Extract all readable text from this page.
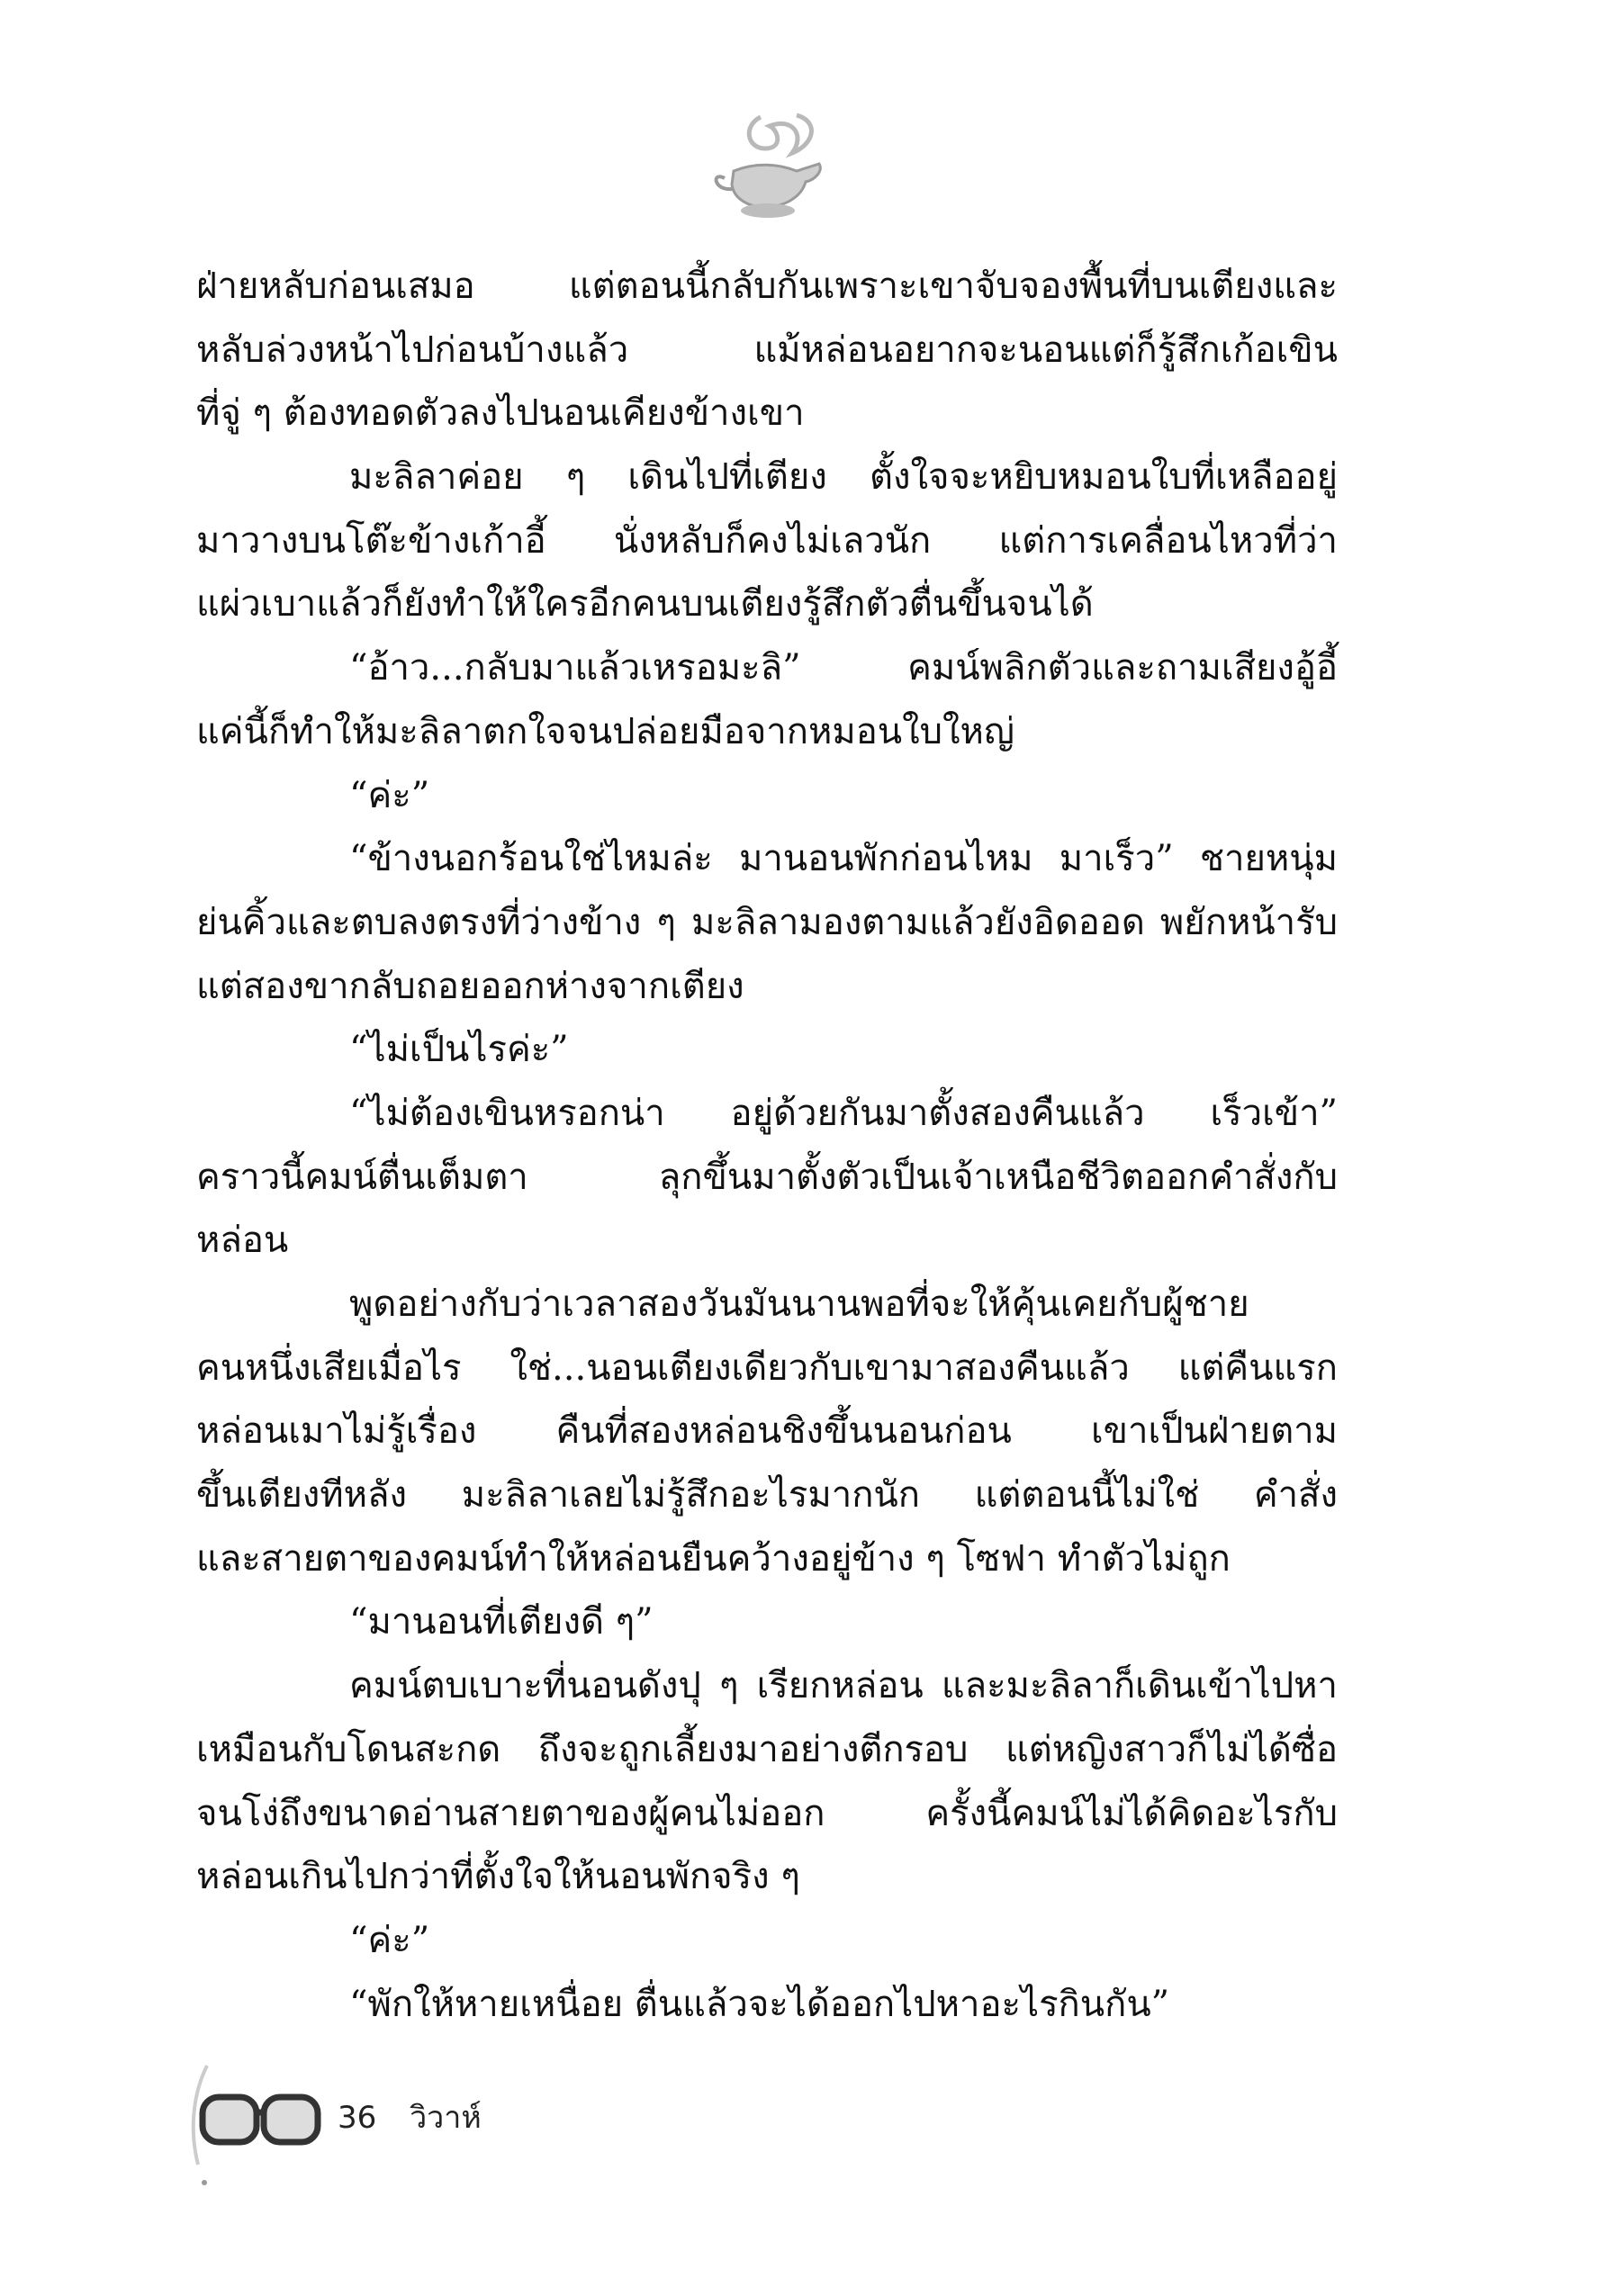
ฝ่ายหลับก่อนเสมอ แต่ตอนนี้กลับกันเพราะเขาจับจองพื้นที่บนเตียงและ
หลับล่วงหน้าไปก่อนบ้างแล้ว แม้หล่อนอยากจะนอนแต่ก็รู้สึกเก้อเขิน
ที่จู่ ๆ ต้องทอดตัวลงไปนอนเคียงข้างเขา
มะลิลาค่อย ๆ เดินไปที่เตียง ตั้งใจจะหยิบหมอนใบที่เหลืออยู่
มาวางบนโต๊ะข้างเก้าอี้ นั่งหลับก็คงไม่เลวนัก แต่การเคลื่อนไหวที่ว่า
แผ่วเบาแล้วก็ยังทำให้ใครอีกคนบนเตียงรู้สึกตัวตื่นขึ้นจนได้
“อ้าว...กลับมาแล้วเหรอมะลิ” คมน์พลิกตัวและถามเสียงอู้อี้
แค่นี้ก็ทำให้มะลิลาตกใจจนปล่อยมือจากหมอนใบใหญ่
“ค่ะ”
“ข้างนอกร้อนใช่ไหมล่ะ มานอนพักก่อนไหม มาเร็ว” ชายหนุ่ม
ย่นคิ้วและตบลงตรงที่ว่างข้าง ๆ มะลิลามองตามแล้วยังอิดออด พยักหน้ารับ
แต่สองขากลับถอยออกห่างจากเตียง
“ไม่เป็นไรค่ะ”
“ไม่ต้องเขินหรอกน่า อยู่ด้วยกันมาตั้งสองคืนแล้ว เร็วเข้า”
คราวนี้คมน์ตื่นเต็มตา ลุกขึ้นมาตั้งตัวเป็นเจ้าเหนือชีวิตออกคำสั่งกับ
หล่อน
พูดอย่างกับว่าเวลาสองวันมันนานพอที่จะให้คุ้นเคยกับผู้ชาย
คนหนึ่งเสียเมื่อไร ใช่...นอนเตียงเดียวกับเขามาสองคืนแล้ว แต่คืนแรก
หล่อนเมาไม่รู้เรื่อง คืนที่สองหล่อนชิงขึ้นนอนก่อน เขาเป็นฝ่ายตาม
ขึ้นเตียงทีหลัง มะลิลาเลยไม่รู้สึกอะไรมากนัก แต่ตอนนี้ไม่ใช่ คำสั่ง
และสายตาของคมน์ทำให้หล่อนยืนคว้างอยู่ข้าง ๆ โซฟา ทำตัวไม่ถูก
“มานอนที่เตียงดี ๆ”
คมน์ตบเบาะที่นอนดังปุ ๆ เรียกหล่อน และมะลิลาก็เดินเข้าไปหา
เหมือนกับโดนสะกด ถึงจะถูกเลี้ยงมาอย่างตีกรอบ แต่หญิงสาวก็ไม่ได้ซื่อ
จนโง่ถึงขนาดอ่านสายตาของผู้คนไม่ออก ครั้งนี้คมน์ไม่ได้คิดอะไรกับ
หล่อนเกินไปกว่าที่ตั้งใจให้นอนพักจริง ๆ
“ค่ะ”
“พักให้หายเหนื่อย ตื่นแล้วจะได้ออกไปหาอะไรกินกัน”
36 วิวาห์
